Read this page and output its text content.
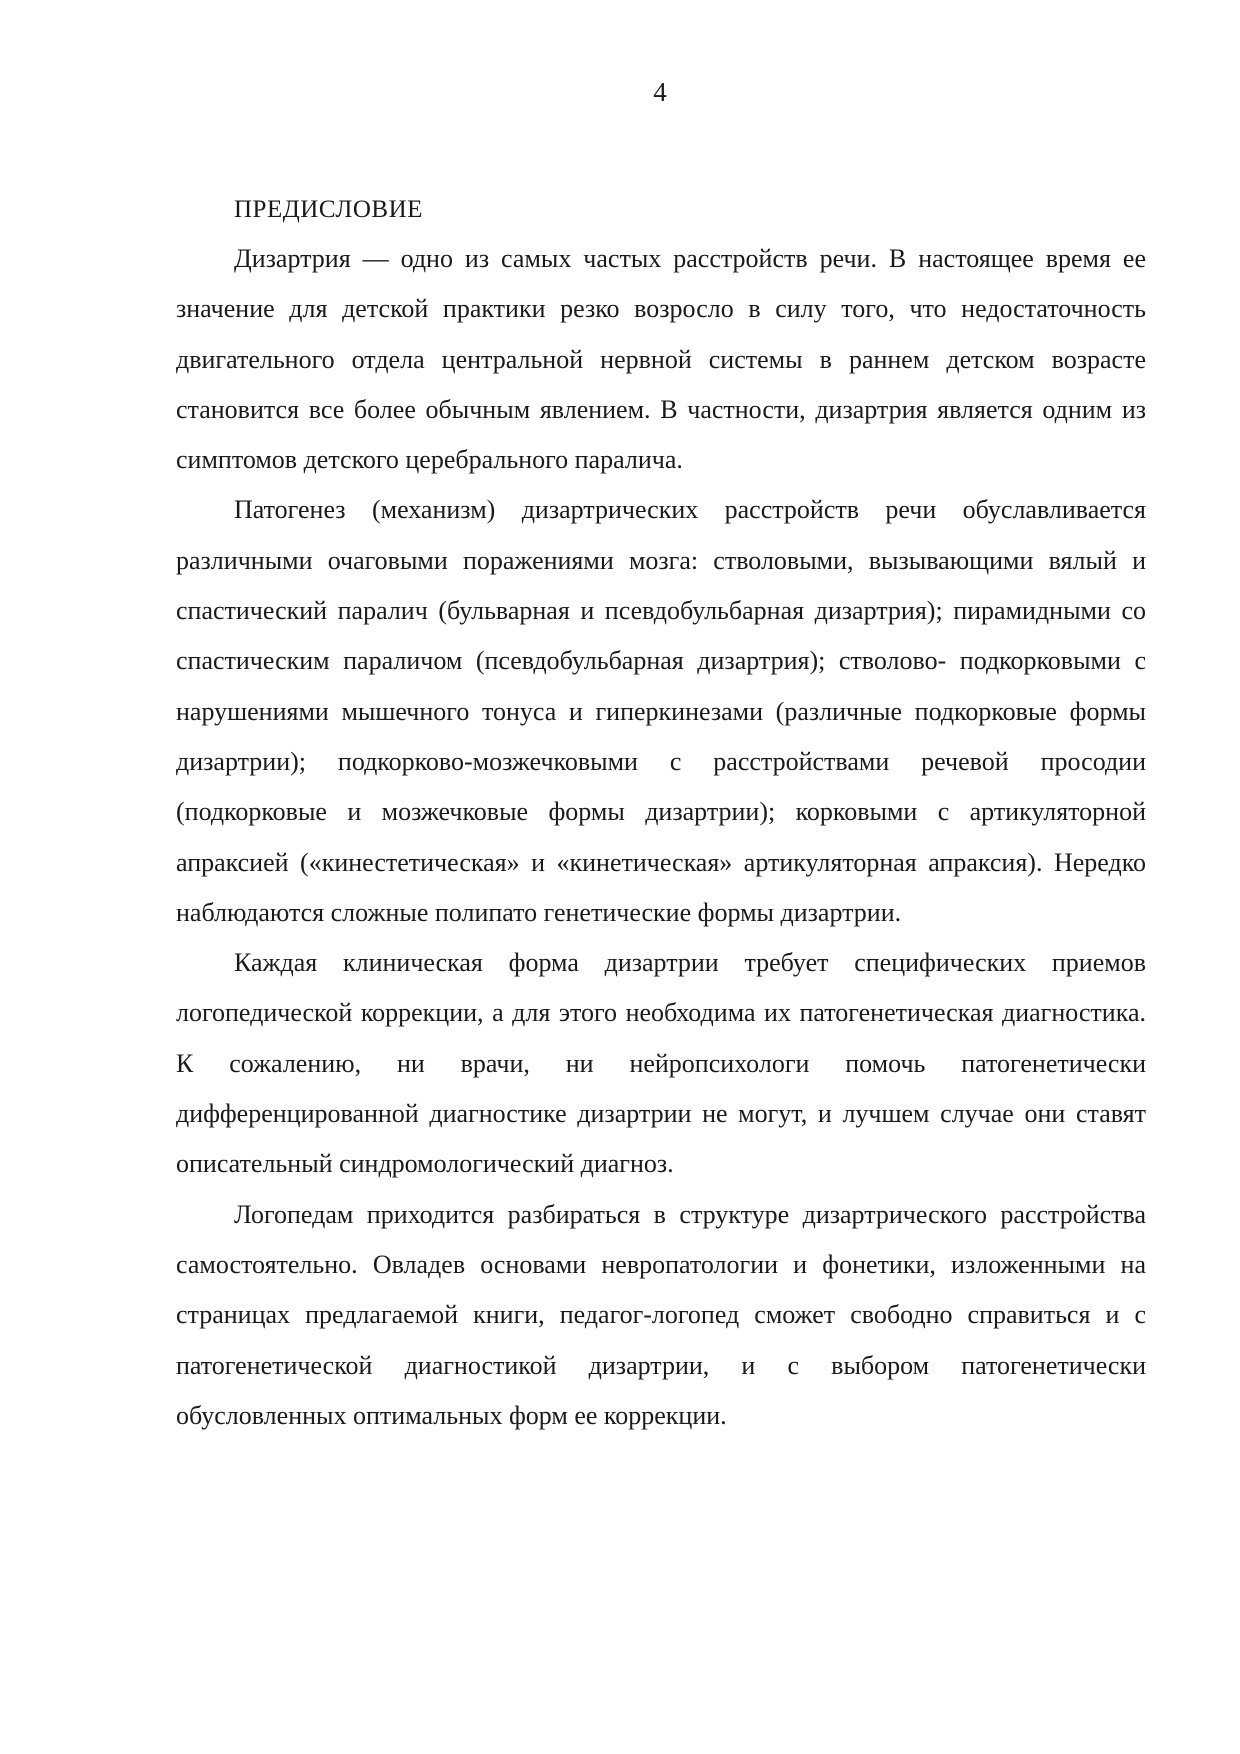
4
ПРЕДИСЛОВИЕ

Дизартрия — одно из самых частых расстройств речи. В настоящее время ее значение для детской практики резко возросло в силу того, что недостаточность двигательного отдела центральной нервной системы в раннем детском возрасте становится все более обычным явлением. В частности, дизартрия является одним из симптомов детского церебрального паралича.

Патогенез (механизм) дизартрических расстройств речи обуславливается различными очаговыми поражениями мозга: стволовыми, вызывающими вялый и спастический паралич (бульварная и псевдобульбарная дизартрия); пирамидными со спастическим параличом (псевдобульбарная дизартрия); стволово- подкорковыми с нарушениями мышечного тонуса и гиперкинезами (различные подкорковые формы дизартрии); подкорково-мозжечковыми с расстройствами речевой просодии (подкорковые и мозжечковые формы дизартрии); корковыми с артикуляторной апраксией («кинестетическая» и «кинетическая» артикуляторная апраксия). Нередко наблюдаются сложные полипато генетические формы дизартрии.

Каждая клиническая форма дизартрии требует специфических приемов логопедической коррекции, а для этого необходима их патогенетическая диагностика. К сожалению, ни врачи, ни нейропсихологи помочь патогенетически дифференцированной диагностике дизартрии не могут, и лучшем случае они ставят описательный синдромологический диагноз.

Логопедам приходится разбираться в структуре дизартрического расстройства самостоятельно. Овладев основами невропатологии и фонетики, изложенными на страницах предлагаемой книги, педагог-логопед сможет свободно справиться и с патогенетической диагностикой дизартрии, и с выбором патогенетически обусловленных оптимальных форм ее коррекции.
